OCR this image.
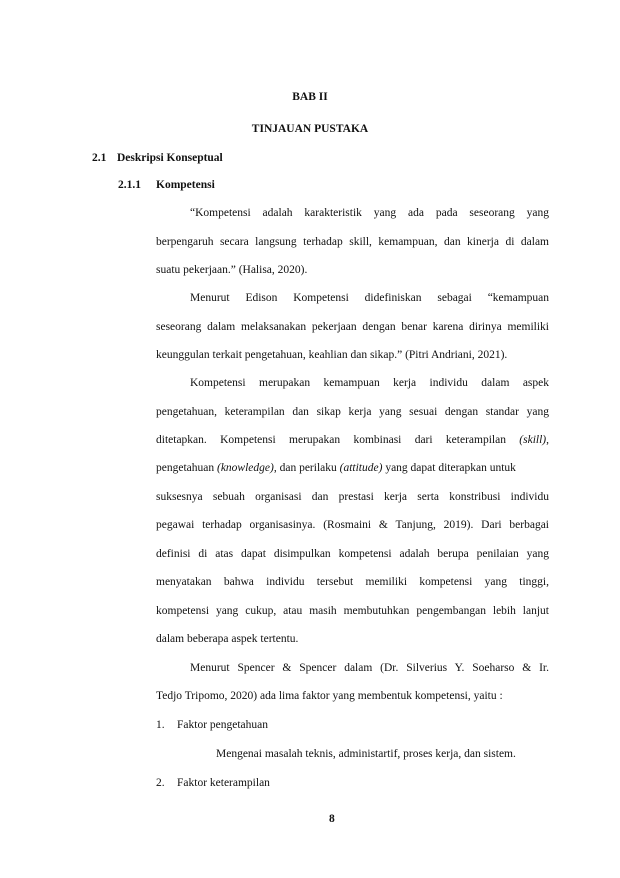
BAB II
TINJAUAN PUSTAKA
2.1 Deskripsi Konseptual
2.1.1 Kompetensi
“Kompetensi adalah karakteristik yang ada pada seseorang yang
berpengaruh secara langsung terhadap skill, kemampuan, dan kinerja di dalam
suatu pekerjaan.” (Halisa, 2020).
Menurut Edison Kompetensi didefiniskan sebagai “kemampuan
seseorang dalam melaksanakan pekerjaan dengan benar karena dirinya memiliki
keunggulan terkait pengetahuan, keahlian dan sikap.” (Pitri Andriani, 2021).
Kompetensi merupakan kemampuan kerja individu dalam aspek
pengetahuan, keterampilan dan sikap kerja yang sesuai dengan standar yang
ditetapkan. Kompetensi merupakan kombinasi dari keterampilan (skill),
pengetahuan (knowledge), dan perilaku (attitude) yang dapat diterapkan untuk
suksesnya sebuah organisasi dan prestasi kerja serta konstribusi individu
pegawai terhadap organisasinya. (Rosmaini & Tanjung, 2019). Dari berbagai
definisi di atas dapat disimpulkan kompetensi adalah berupa penilaian yang
menyatakan bahwa individu tersebut memiliki kompetensi yang tinggi,
kompetensi yang cukup, atau masih membutuhkan pengembangan lebih lanjut
dalam beberapa aspek tertentu.
Menurut Spencer & Spencer dalam (Dr. Silverius Y. Soeharso & Ir.
Tedjo Tripomo, 2020) ada lima faktor yang membentuk kompetensi, yaitu :
1. Faktor pengetahuan
Mengenai masalah teknis, administartif, proses kerja, dan sistem.
2. Faktor keterampilan
8
